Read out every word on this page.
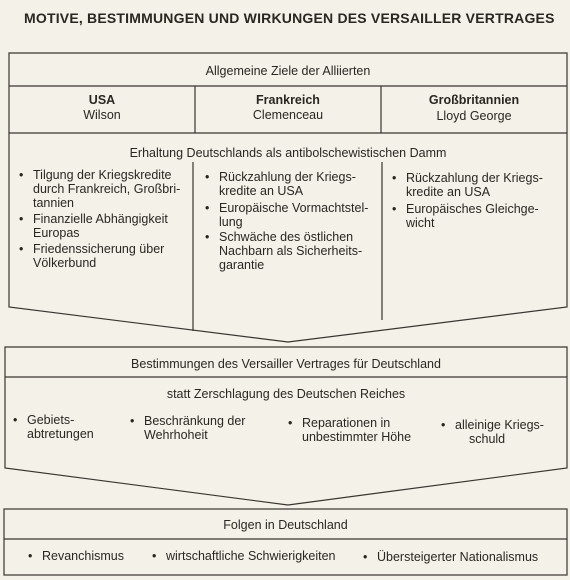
MOTIVE, BESTIMMUNGEN UND WIRKUNGEN DES VERSAILLER VERTRAGES
Allgemeine Ziele der Alliierten
USA
Wilson
Frankreich
Clemenceau
Großbritannien
Lloyd George
Erhaltung Deutschlands als antibolschewistischen Damm
• Tilgung der Kriegskredite
durch Frankreich, Großbri-
tannien
• Finanzielle Abhängigkeit
Europas
• Friedenssicherung über
Völkerbund
• Rückzahlung der Kriegs-
kredite an USA
• Europäische Vormachtstel-
lung
• Schwäche des östlichen
Nachbarn als Sicherheits-
garantie
• Rückzahlung der Kriegs-
kredite an USA
• Europäisches Gleichge-
wicht
Bestimmungen des Versailler Vertrages für Deutschland
statt Zerschlagung des Deutschen Reiches
• Gebiets-
abtretungen
• Beschränkung der
Wehrhoheit
• Reparationen in
unbestimmter Höhe
• alleinige Kriegs-
schuld
Folgen in Deutschland
• Revanchismus • wirtschaftliche Schwierigkeiten • Übersteigerter Nationalismus
